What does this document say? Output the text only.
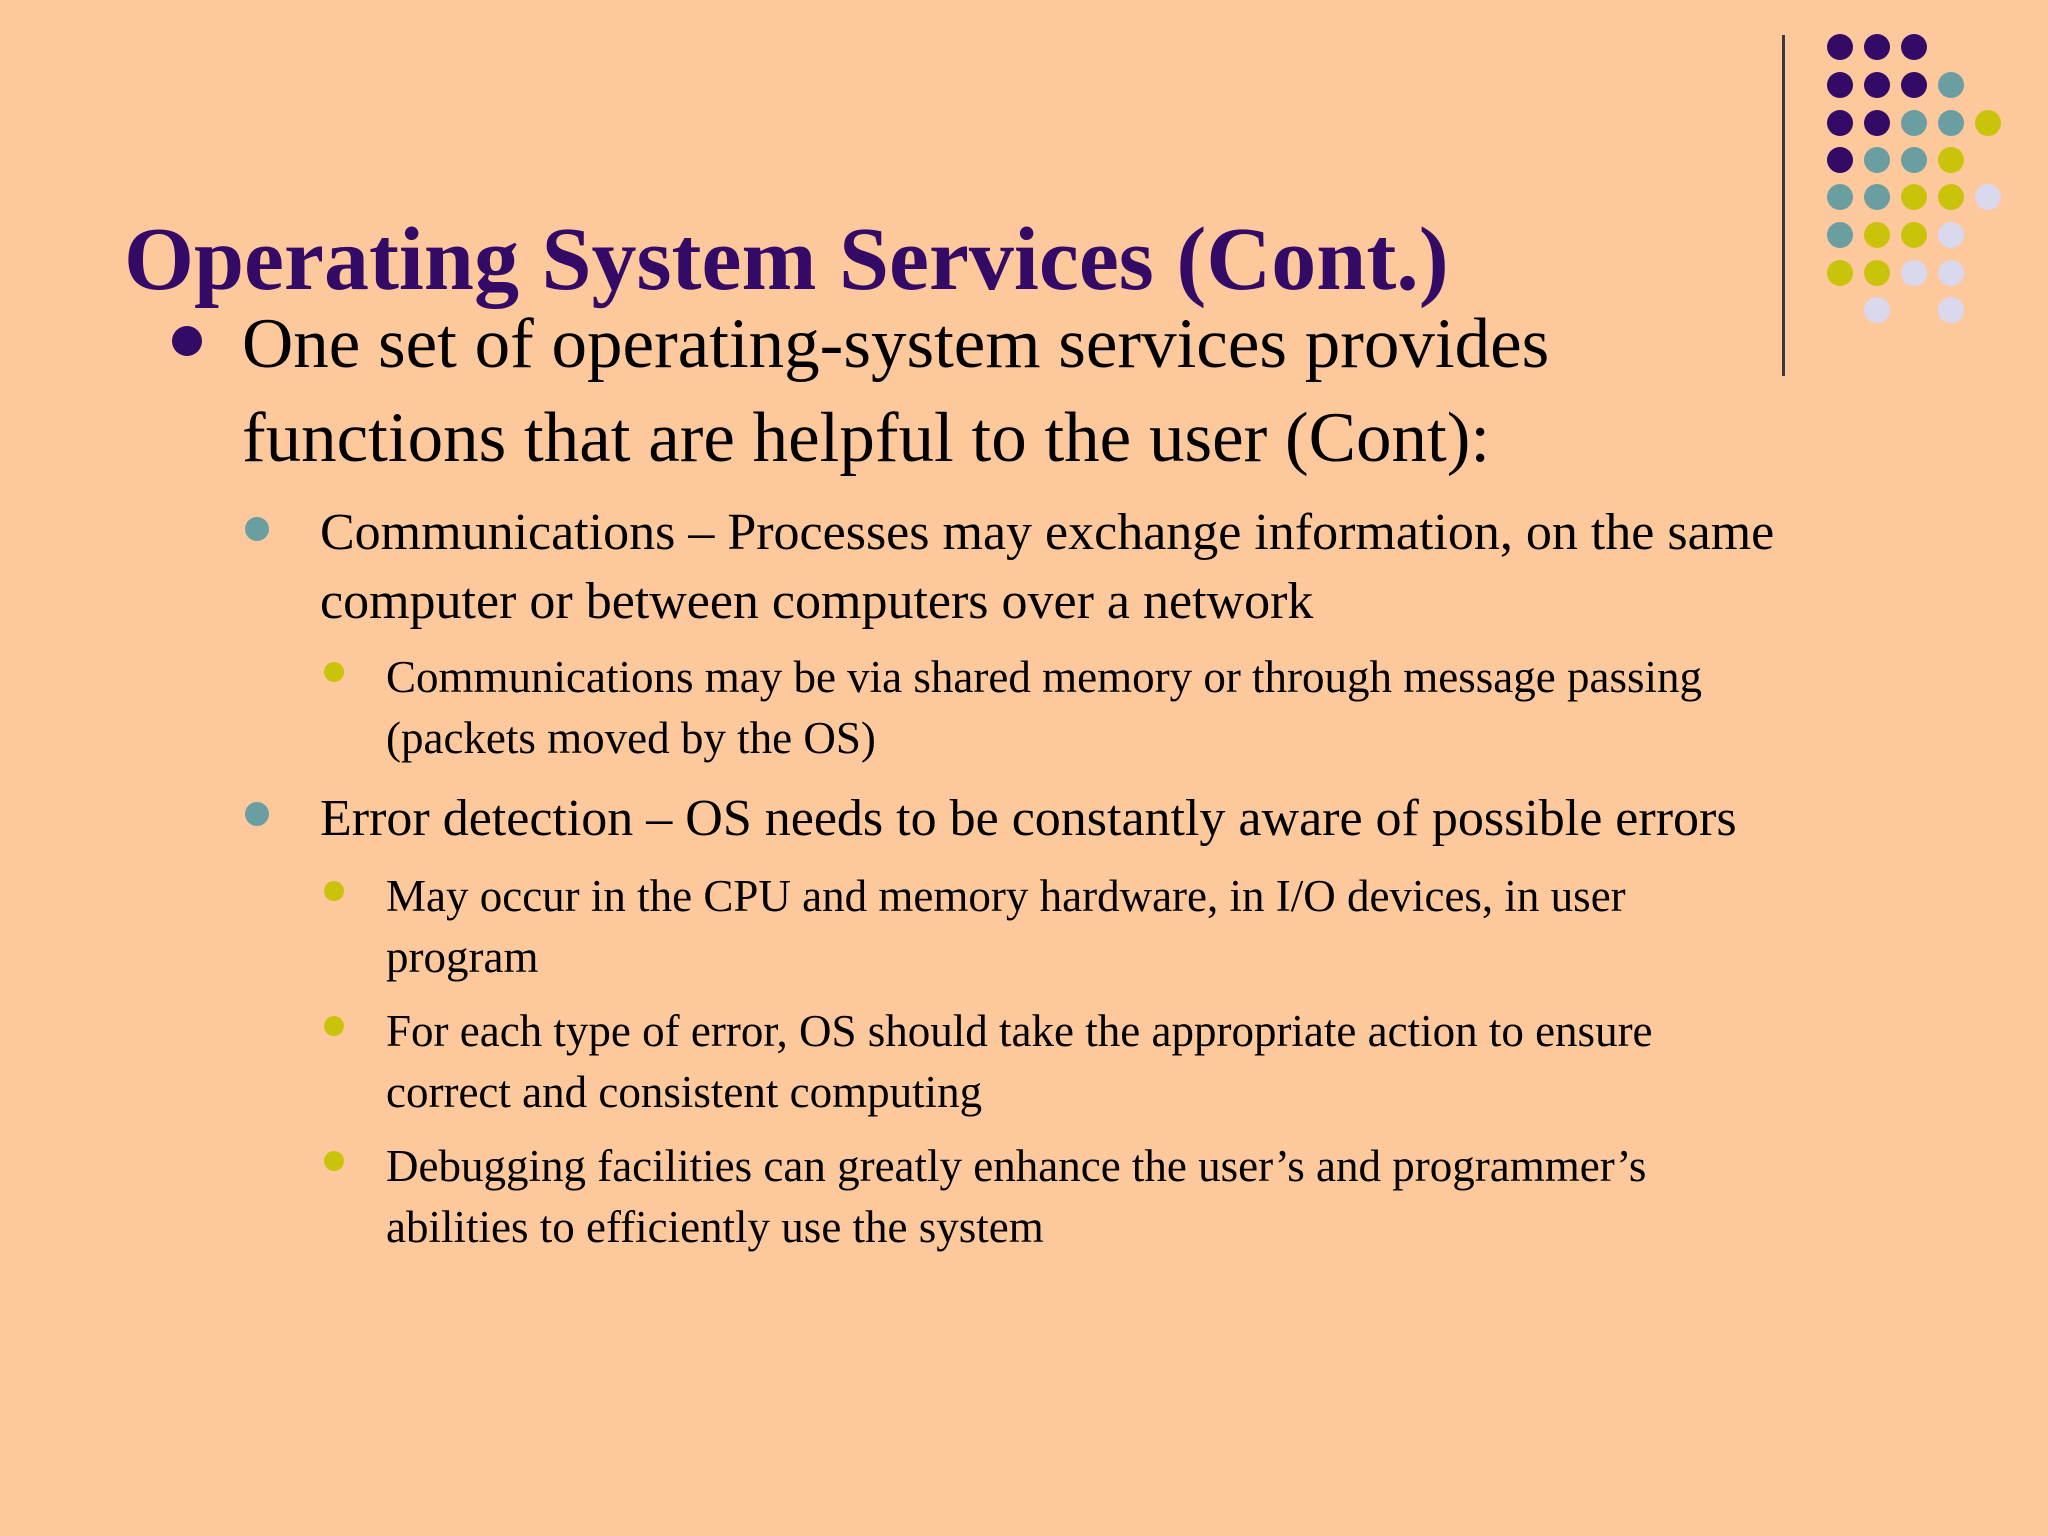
Operating System Services (Cont.)

One set of operating-system services provides

functions that are helpful to the user (Cont):

Communications – Processes may exchange information, on the same

computer or between computers over a network

Communications may be via shared memory or through message passing

(packets moved by the OS)

Error detection – OS needs to be constantly aware of possible errors

May occur in the CPU and memory hardware, in I/O devices, in user

program

For each type of error, OS should take the appropriate action to ensure

correct and consistent computing

Debugging facilities can greatly enhance the user’s and programmer’s

abilities to efficiently use the system
